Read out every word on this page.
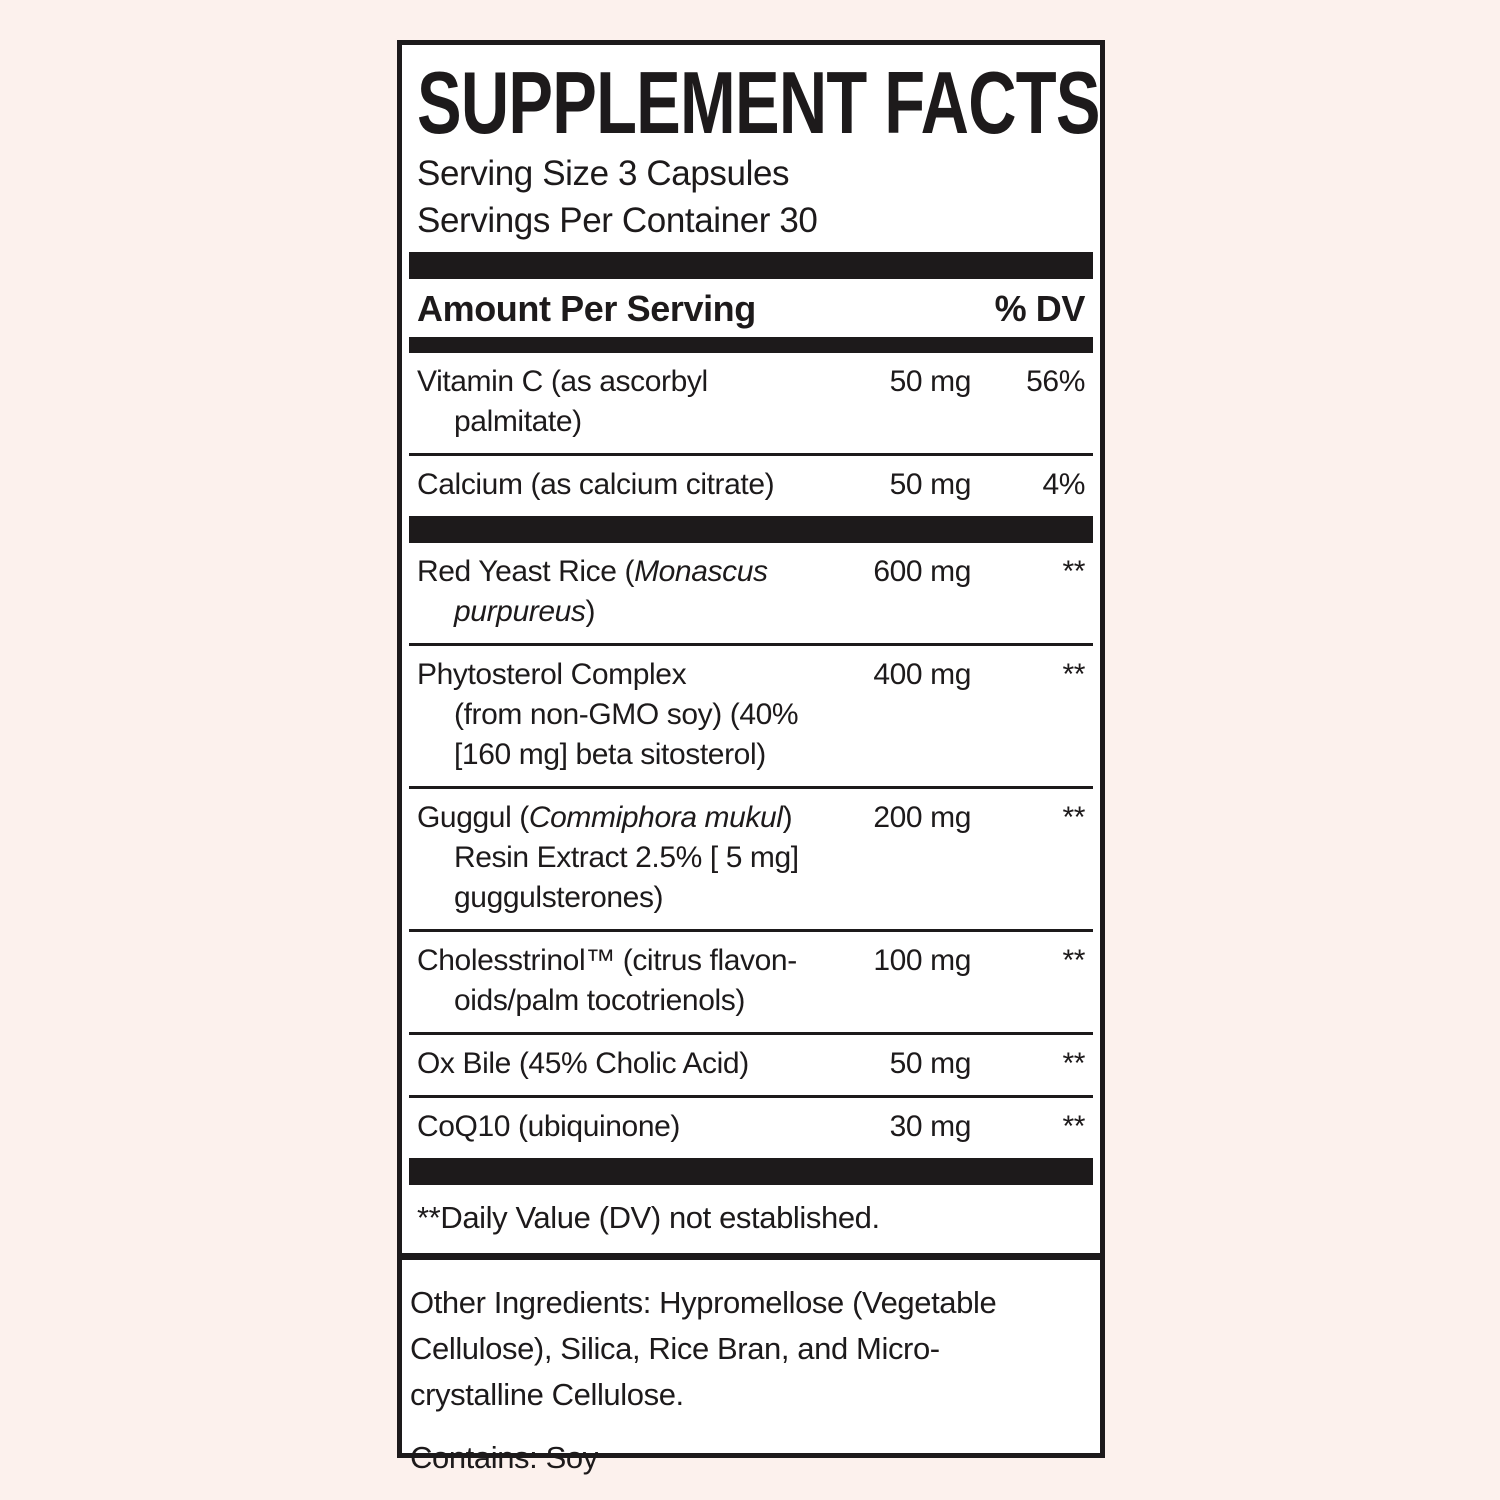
SUPPLEMENT FACTS
Serving Size 3 Capsules
Servings Per Container 30
Amount Per Serving	% DV
Vitamin C (as ascorbyl
palmitate)
50 mg	56%
Calcium (as calcium citrate)	50 mg	4%
Red Yeast Rice (Monascus
purpureus)
600 mg	**
Phytosterol Complex
(from non-GMO soy) (40%
[160 mg] beta sitosterol)
400 mg	**
Guggul (Commiphora mukul)
Resin Extract 2.5% [ 5 mg]
guggulsterones)
200 mg	**
Cholesstrinol™ (citrus flavon-
oids/palm tocotrienols)
100 mg	**
Ox Bile (45% Cholic Acid)	50 mg	**
CoQ10 (ubiquinone)	30 mg	**
**Daily Value (DV) not established.
Other Ingredients: Hypromellose (Vegetable
Cellulose), Silica, Rice Bran, and Micro-
crystalline Cellulose.
Contains: Soy
